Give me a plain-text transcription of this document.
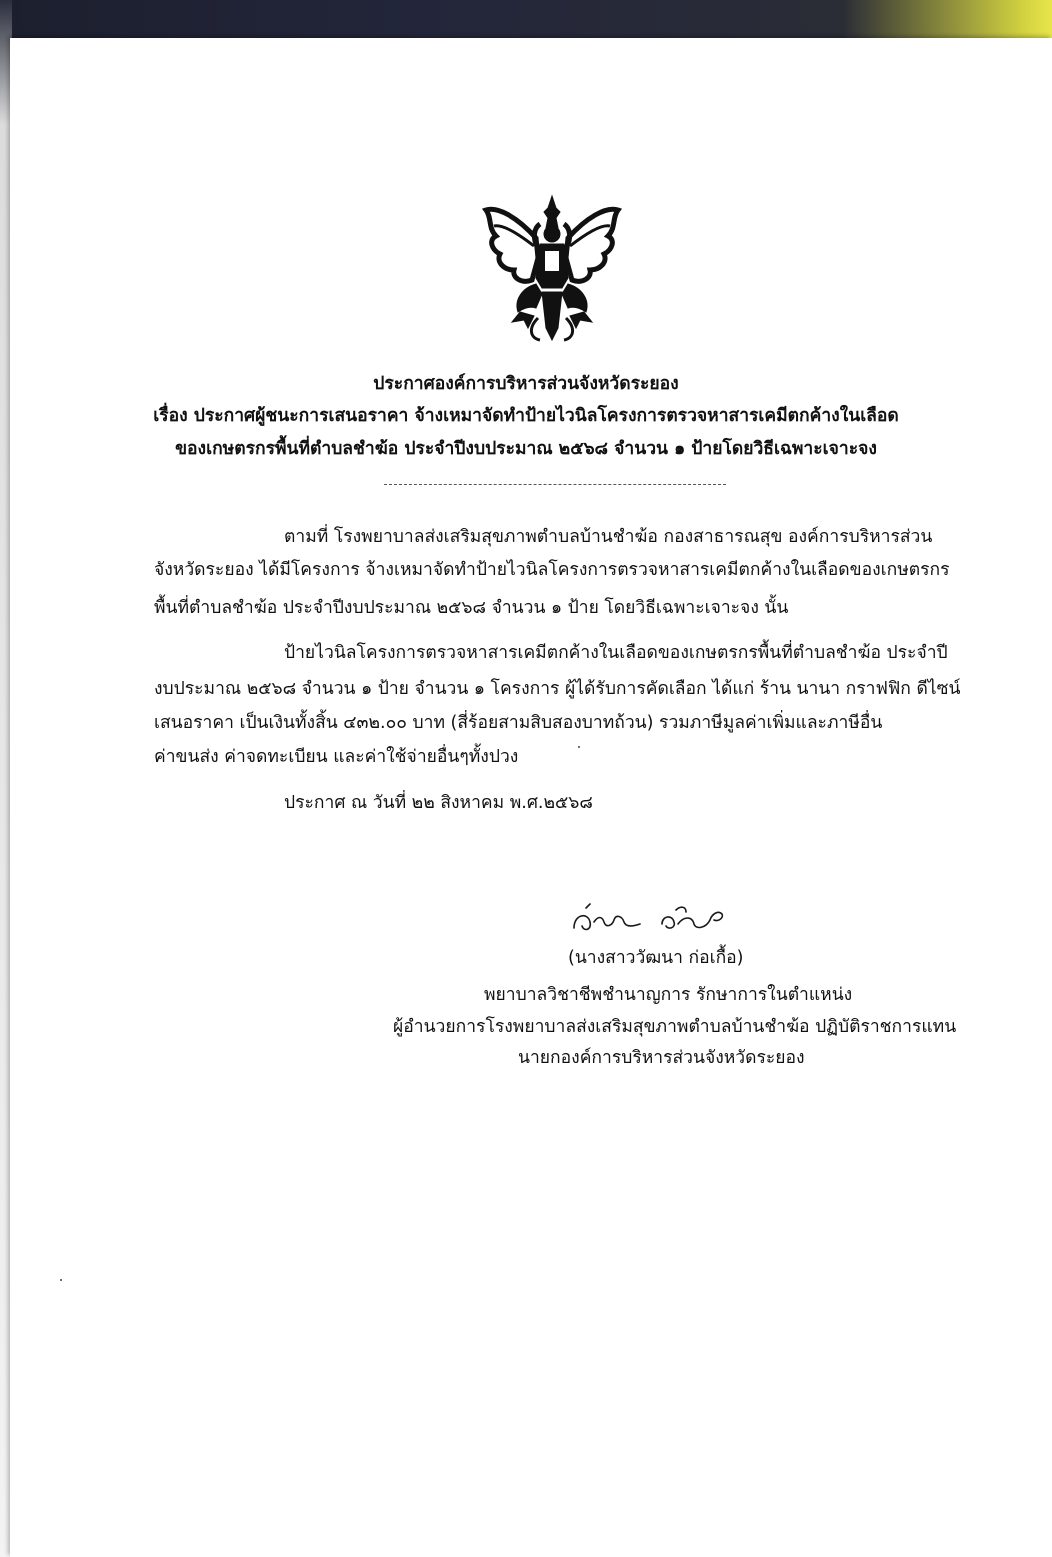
ประกาศองค์การบริหารส่วนจังหวัดระยอง
เรื่อง ประกาศผู้ชนะการเสนอราคา จ้างเหมาจัดทำป้ายไวนิลโครงการตรวจหาสารเคมีตกค้างในเลือด
ของเกษตรกรพื้นที่ตำบลชำฆ้อ ประจำปีงบประมาณ ๒๕๖๘ จำนวน ๑ ป้ายโดยวิธีเฉพาะเจาะจง
ตามที่ โรงพยาบาลส่งเสริมสุขภาพตำบลบ้านชำฆ้อ กองสาธารณสุข องค์การบริหารส่วน
จังหวัดระยอง ได้มีโครงการ จ้างเหมาจัดทำป้ายไวนิลโครงการตรวจหาสารเคมีตกค้างในเลือดของเกษตรกร
พื้นที่ตำบลชำฆ้อ ประจำปีงบประมาณ ๒๕๖๘ จำนวน ๑ ป้าย โดยวิธีเฉพาะเจาะจง นั้น
ป้ายไวนิลโครงการตรวจหาสารเคมีตกค้างในเลือดของเกษตรกรพื้นที่ตำบลชำฆ้อ ประจำปี
งบประมาณ ๒๕๖๘ จำนวน ๑ ป้าย จำนวน ๑ โครงการ ผู้ได้รับการคัดเลือก ได้แก่ ร้าน นานา กราฟฟิก ดีไซน์
เสนอราคา เป็นเงินทั้งสิ้น ๔๓๒.๐๐ บาท (สี่ร้อยสามสิบสองบาทถ้วน) รวมภาษีมูลค่าเพิ่มและภาษีอื่น
ค่าขนส่ง ค่าจดทะเบียน และค่าใช้จ่ายอื่นๆทั้งปวง
ประกาศ ณ วันที่ ๒๒ สิงหาคม พ.ศ.๒๕๖๘
(นางสาววัฒนา ก่อเกื้อ)
พยาบาลวิชาชีพชำนาญการ รักษาการในตำแหน่ง
ผู้อำนวยการโรงพยาบาลส่งเสริมสุขภาพตำบลบ้านชำฆ้อ ปฏิบัติราชการแทน
นายกองค์การบริหารส่วนจังหวัดระยอง
